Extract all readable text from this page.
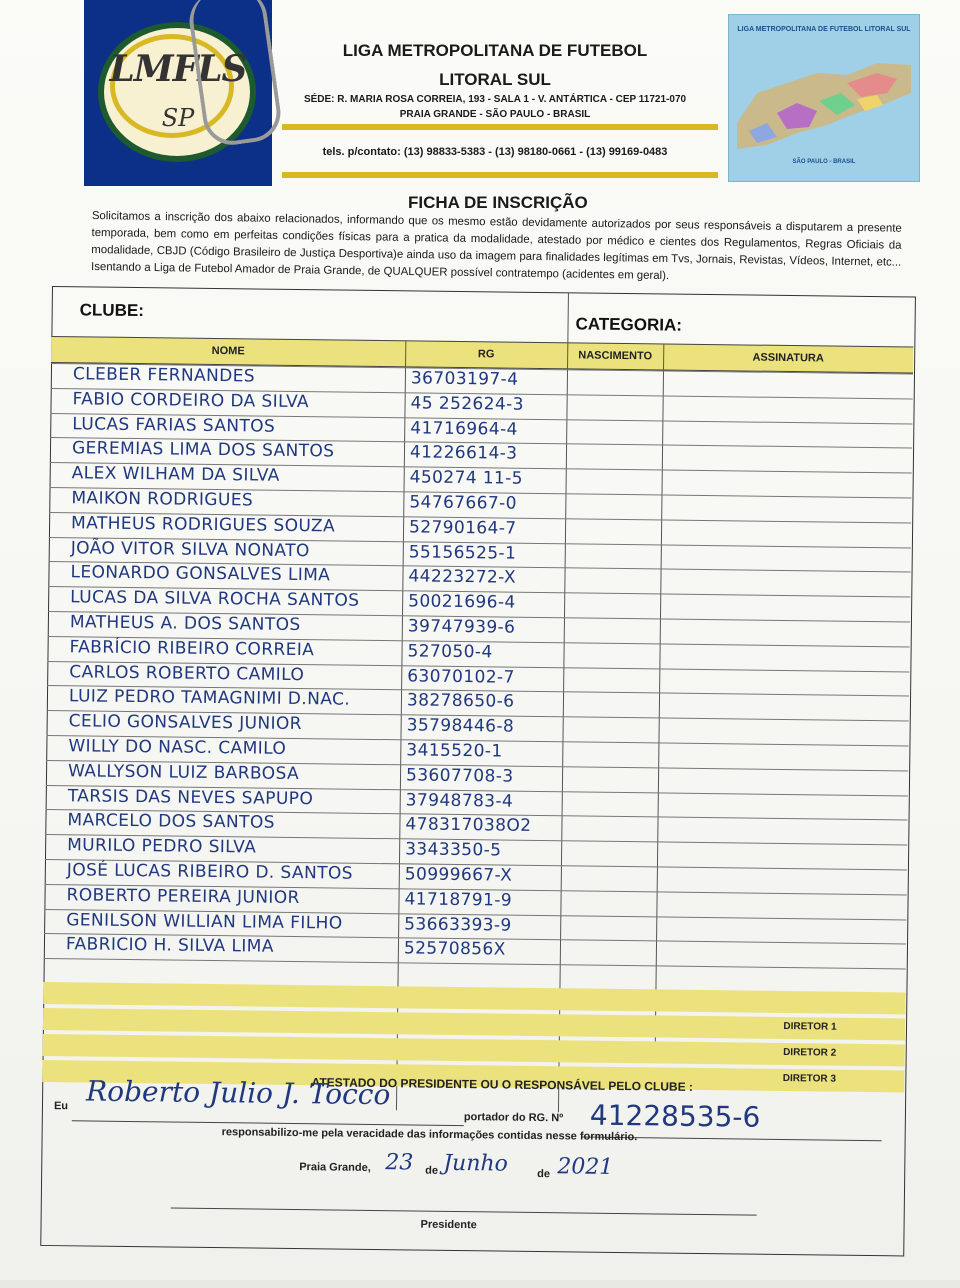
LMFLS
SP
LIGA METROPOLITANA DE FUTEBOL
LITORAL SUL
SÉDE: R. MARIA ROSA CORREIA, 193 - SALA 1 - V. ANTÁRTICA - CEP 11721-070
PRAIA GRANDE - SÃO PAULO - BRASIL
tels. p/contato: (13) 98833-5383 - (13) 98180-0661 - (13) 99169-0483
LIGA METROPOLITANA DE FUTEBOL LITORAL SUL
SÃO PAULO - BRASIL
FICHA DE INSCRIÇÃO
Solicitamos a inscrição dos abaixo relacionados, informando que os mesmo estão devidamente autorizados por seus responsáveis a disputarem a presente temporada, bem como em perfeitas condições físicas para a pratica da modalidade, atestado por médico e cientes dos Regulamentos, Regras Oficiais da modalidade, CBJD (Código Brasileiro de Justiça Desportiva)e ainda uso da imagem para finalidades legítimas em Tvs, Jornais, Revistas, Vídeos, Internet, etc... Isentando a Liga de Futebol Amador de Praia Grande, de QUALQUER possível contratempo (acidentes em geral).
CLUBE:
CATEGORIA:
NOME	RG	NASCIMENTO	ASSINATURA
CLEBER FERNANDES	36703197-4
FABIO CORDEIRO DA SILVA	45 252624-3
LUCAS FARIAS SANTOS	41716964-4
GEREMIAS LIMA DOS SANTOS	41226614-3
ALEX WILHAM DA SILVA	450274 11-5
MAIKON RODRIGUES	54767667-0
MATHEUS RODRIGUES SOUZA	52790164-7
JOÃO VITOR SILVA NONATO	55156525-1
LEONARDO GONSALVES LIMA	44223272-X
LUCAS DA SILVA ROCHA SANTOS	50021696-4
MATHEUS A. DOS SANTOS	39747939-6
FABRÍCIO RIBEIRO CORREIA	527050-4
CARLOS ROBERTO CAMILO	63070102-7
LUIZ PEDRO TAMAGNIMI D.NAC.	38278650-6
CELIO GONSALVES JUNIOR	35798446-8
WILLY DO NASC. CAMILO	3415520-1
WALLYSON LUIZ BARBOSA	53607708-3
TARSIS DAS NEVES SAPUPO	37948783-4
MARCELO DOS SANTOS	478317038O2
MURILO PEDRO SILVA	3343350-5
JOSÉ LUCAS RIBEIRO D. SANTOS	50999667-X
ROBERTO PEREIRA JUNIOR	41718791-9
GENILSON WILLIAN LIMA FILHO	53663393-9
FABRICIO H. SILVA LIMA	52570856X
DIRETOR 1
DIRETOR 2
DIRETOR 3
ATESTADO DO PRESIDENTE OU O RESPONSÁVEL PELO CLUBE :
Eu Roberto Julio J. Tocco
portador do RG. Nº 41228535-6
responsabilizo-me pela veracidade das informações contidas nesse formulário.
Praia Grande, 23 de Junho	de 2021
Presidente
